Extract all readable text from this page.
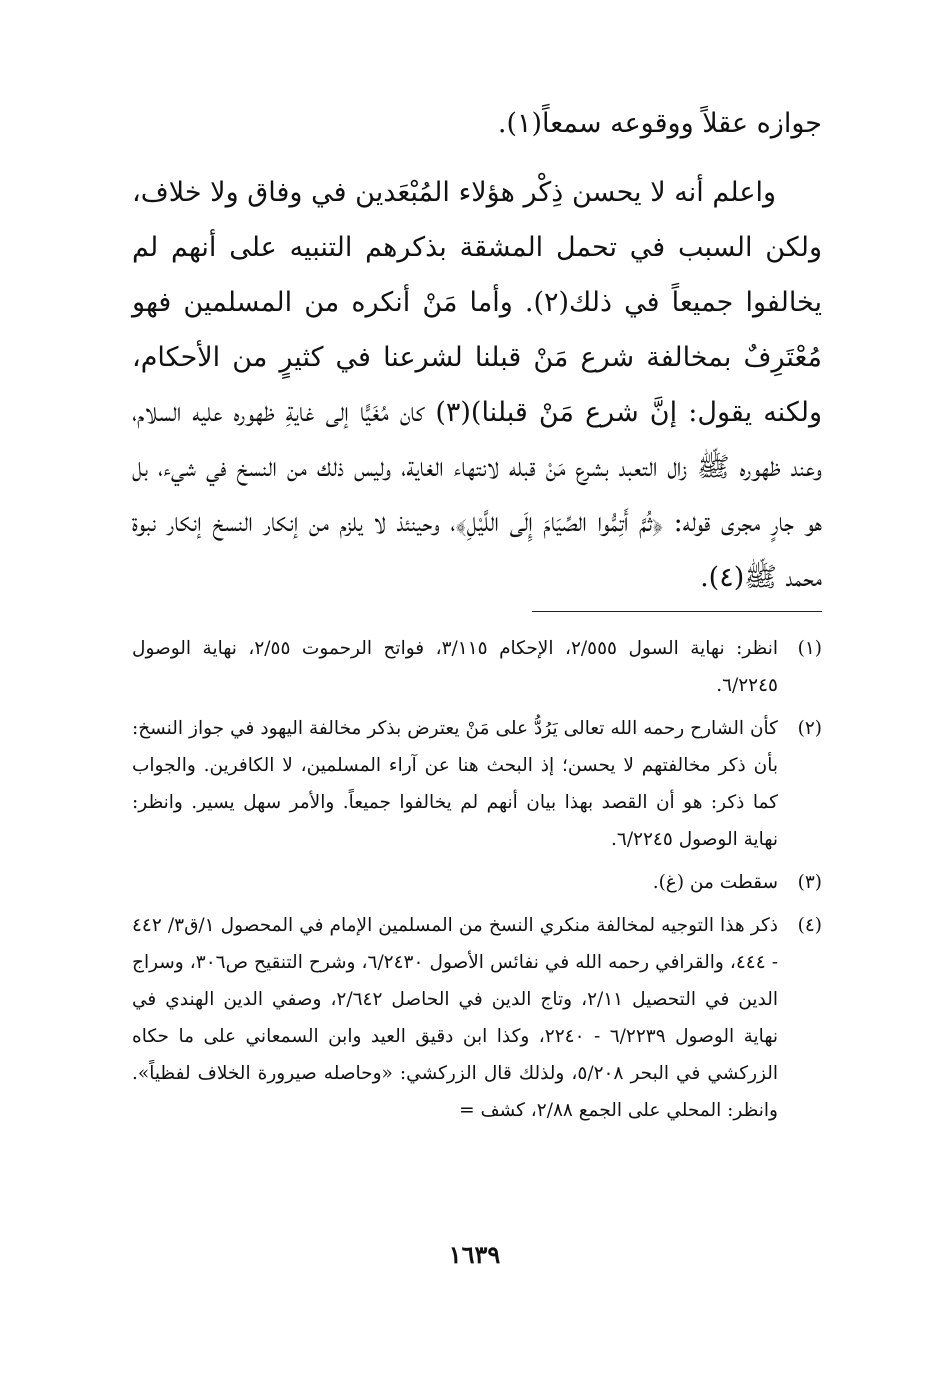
جوازه عقلاً ووقوعه سمعاً(١).

واعلم أنه لا يحسن ذِكْر هؤلاء المُبْعَدين في وفاق ولا خلاف، ولكن السبب في تحمل المشقة بذكرهم التنبيه على أنهم لم يخالفوا جميعاً في ذلك(٢). وأما مَنْ أنكره من المسلمين فهو مُعْتَرِفٌ بمخالفة شرع مَنْ قبلنا لشرعنا في كثيرٍ من الأحكام، ولكنه يقول: إنَّ شرع مَنْ قبلنا)(٣) كان مُغَيًّا إلى غايةِ ظهوره عليه السلام، وعند ظهوره ﷺ زال التعبد بشرع مَنْ قبله لانتهاء الغاية، وليس ذلك من النسخ في شيء، بل هو جارٍ مجرى قوله: ﴿ثُمَّ أَتِمُّوا الصِّيَامَ إِلَى اللَّيْلِ﴾، وحينئذ لا يلزم من إنكار النسخ إنكار نبوة محمد ﷺ(٤).

(١)
انظر: نهاية السول ٢/٥٥٥، الإحكام ٣/١١٥، فواتح الرحموت ٢/٥٥، نهاية الوصول ٦/٢٢٤٥.
(٢)
كأن الشارح رحمه الله تعالى يَرُدُّ على مَنْ يعترض بذكر مخالفة اليهود في جواز النسخ: بأن ذكر مخالفتهم لا يحسن؛ إذ البحث هنا عن آراء المسلمين، لا الكافرين. والجواب كما ذكر: هو أن القصد بهذا بيان أنهم لم يخالفوا جميعاً. والأمر سهل يسير. وانظر: نهاية الوصول ٦/٢٢٤٥.
(٣)
سقطت من (غ).
(٤)
ذكر هذا التوجيه لمخالفة منكري النسخ من المسلمين الإمام في المحصول ١/ق٣/ ٤٤٢ - ٤٤٤، والقرافي رحمه الله في نفائس الأصول ٦/٢٤٣٠، وشرح التنقيح ص٣٠٦، وسراج الدين في التحصيل ٢/١١، وتاج الدين في الحاصل ٢/٦٤٢، وصفي الدين الهندي في نهاية الوصول ٦/٢٢٣٩ - ٢٢٤٠، وكذا ابن دقيق العيد وابن السمعاني على ما حكاه الزركشي في البحر ٥/٢٠٨، ولذلك قال الزركشي: «وحاصله صيرورة الخلاف لفظياً». وانظر: المحلي على الجمع ٢/٨٨، كشف =
١٦٣٩
